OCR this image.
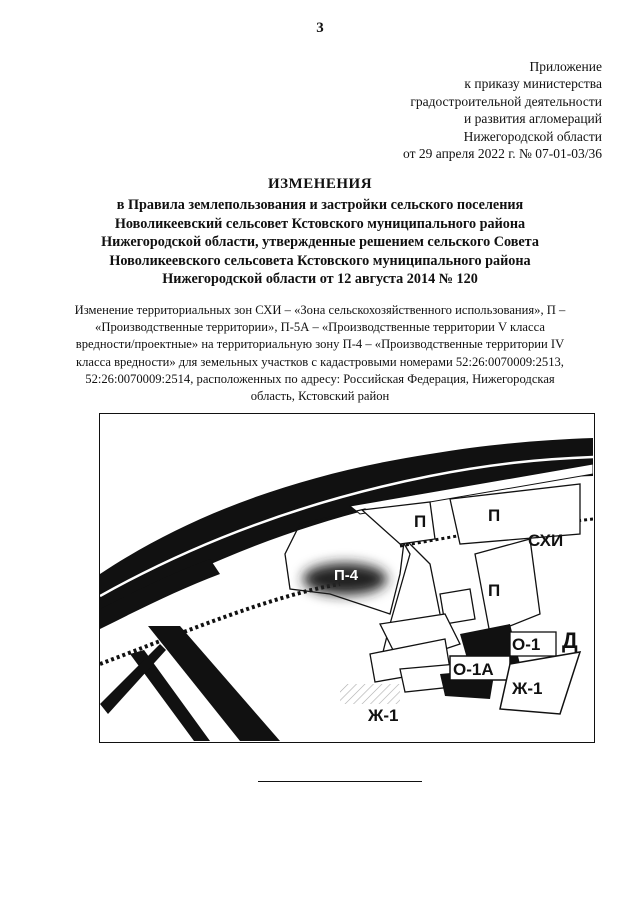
3
Приложение
к приказу министерства
градостроительной деятельности
и развития агломераций
Нижегородской области
от 29 апреля 2022 г. № 07-01-03/36
ИЗМЕНЕНИЯ
в Правила землепользования и застройки сельского поселения
Новоликеевский сельсовет Кстовского муниципального района
Нижегородской области, утвержденные решением сельского Совета
Новоликеевского сельсовета Кстовского муниципального района
Нижегородской области от 12 августа 2014 № 120
Изменение территориальных зон СХИ – «Зона сельскохозяйственного использования», П –
«Производственные территории», П-5А – «Производственные территории V класса
вредности/проектные» на территориальную зону П-4 – «Производственные территории IV
класса вредности» для земельных участков с кадастровыми номерами 52:26:0070009:2513,
52:26:0070009:2514, расположенных по адресу: Российская Федерация, Нижегородская
область, Кстовский район
П	П
П
СХИ
П-4
О-1 Д
О-1А
Ж-1
Ж-1
